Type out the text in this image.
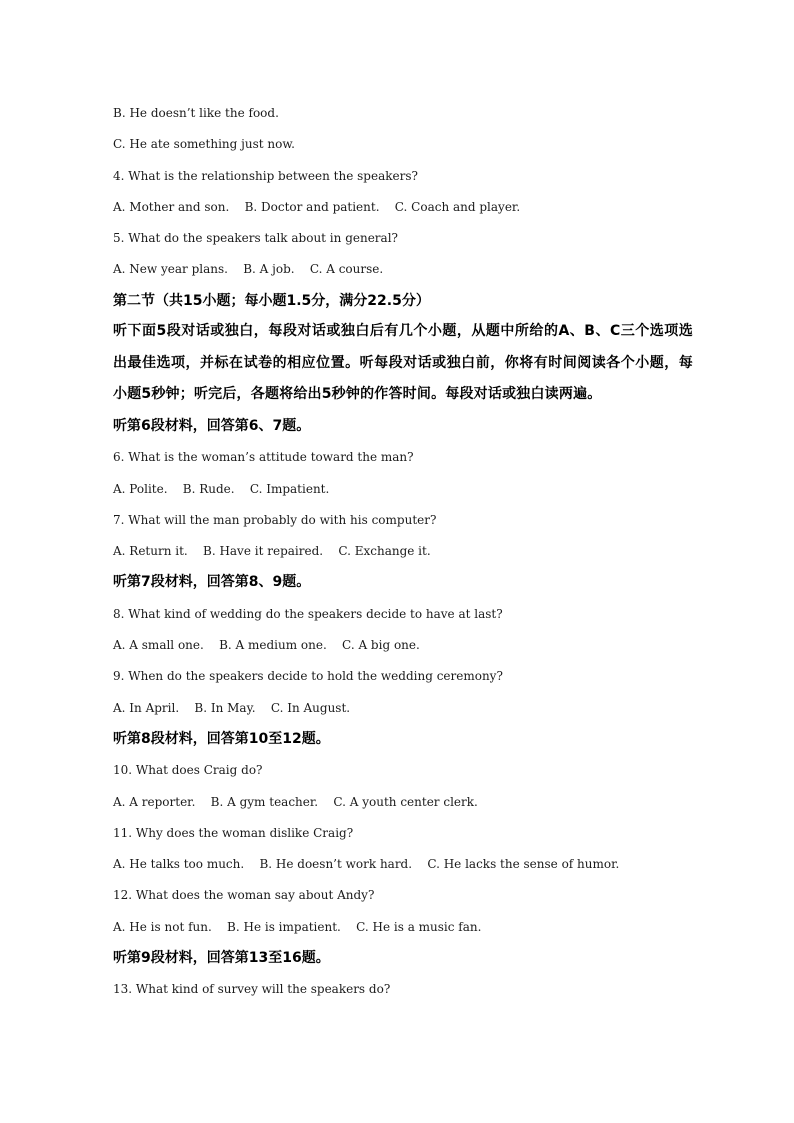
B. He doesn’t like the food.
C. He ate something just now.
4. What is the relationship between the speakers?
A. Mother and son.    B. Doctor and patient.    C. Coach and player.
5. What do the speakers talk about in general?
A. New year plans.    B. A job.    C. A course.
第二节（共15小题；每小题1.5分，满分22.5分）
听下面5段对话或独白，每段对话或独白后有几个小题，从题中所给的A、B、C三个选项选出最佳选项，并标在试卷的相应位置。听每段对话或独白前，你将有时间阅读各个小题，每小题5秒钟；听完后，各题将给出5秒钟的作答时间。每段对话或独白读两遍。
听第6段材料，回答第6、7题。
6. What is the woman’s attitude toward the man?
A. Polite.    B. Rude.    C. Impatient.
7. What will the man probably do with his computer?
A. Return it.    B. Have it repaired.    C. Exchange it.
听第7段材料，回答第8、9题。
8. What kind of wedding do the speakers decide to have at last?
A. A small one.    B. A medium one.    C. A big one.
9. When do the speakers decide to hold the wedding ceremony?
A. In April.    B. In May.    C. In August.
听第8段材料，回答第10至12题。
10. What does Craig do?
A. A reporter.    B. A gym teacher.    C. A youth center clerk.
11. Why does the woman dislike Craig?
A. He talks too much.    B. He doesn’t work hard.    C. He lacks the sense of humor.
12. What does the woman say about Andy?
A. He is not fun.    B. He is impatient.    C. He is a music fan.
听第9段材料，回答第13至16题。
13. What kind of survey will the speakers do?
